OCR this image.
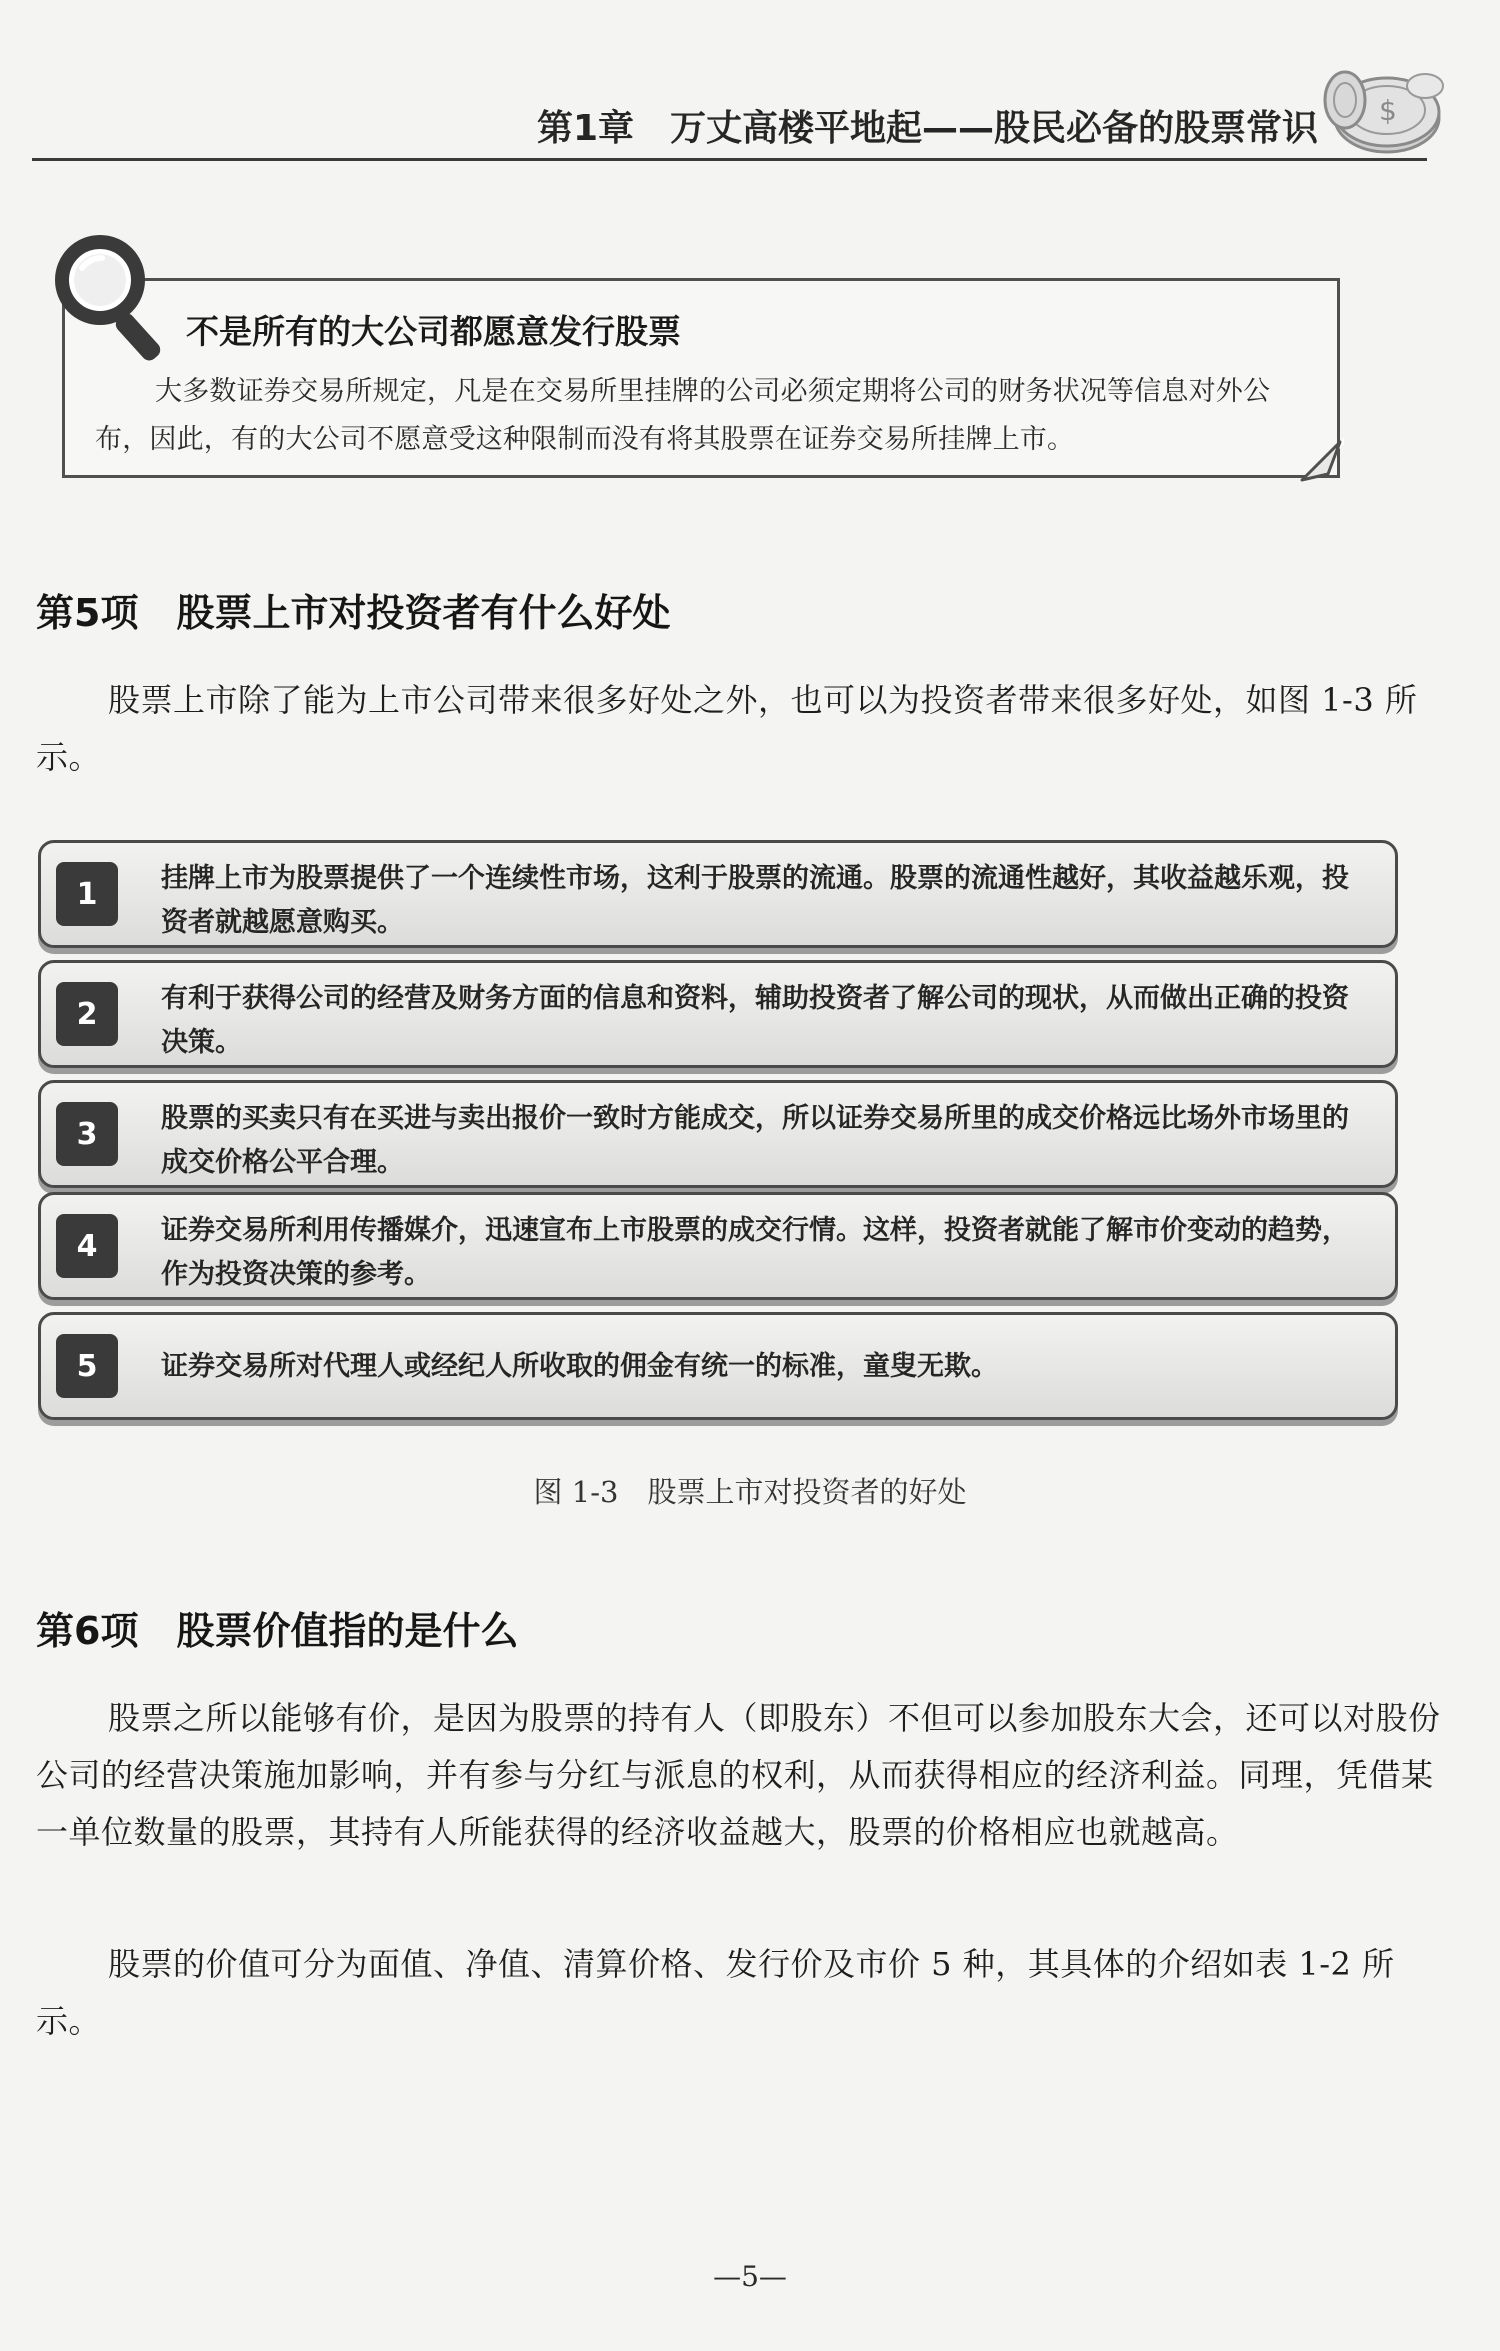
第1章　万丈高楼平地起——股民必备的股票常识 $
不是所有的大公司都愿意发行股票
大多数证券交易所规定，凡是在交易所里挂牌的公司必须定期将公司的财务状况等信息对外公布，因此，有的大公司不愿意受这种限制而没有将其股票在证券交易所挂牌上市。
第5项 股票上市对投资者有什么好处
股票上市除了能为上市公司带来很多好处之外，也可以为投资者带来很多好处，如图 1-3 所示。
1	挂牌上市为股票提供了一个连续性市场，这利于股票的流通。股票的流通性越好，其收益越乐观，投资者就越愿意购买。
2	有利于获得公司的经营及财务方面的信息和资料，辅助投资者了解公司的现状，从而做出正确的投资决策。
3	股票的买卖只有在买进与卖出报价一致时方能成交，所以证券交易所里的成交价格远比场外市场里的成交价格公平合理。
4	证券交易所利用传播媒介，迅速宣布上市股票的成交行情。这样，投资者就能了解市价变动的趋势，作为投资决策的参考。
5	证券交易所对代理人或经纪人所收取的佣金有统一的标准，童叟无欺。
图 1-3　股票上市对投资者的好处
第6项 股票价值指的是什么
股票之所以能够有价，是因为股票的持有人（即股东）不但可以参加股东大会，还可以对股份公司的经营决策施加影响，并有参与分红与派息的权利，从而获得相应的经济利益。同理，凭借某一单位数量的股票，其持有人所能获得的经济收益越大，股票的价格相应也就越高。
股票的价值可分为面值、净值、清算价格、发行价及市价 5 种，其具体的介绍如表 1-2 所示。
—5—
